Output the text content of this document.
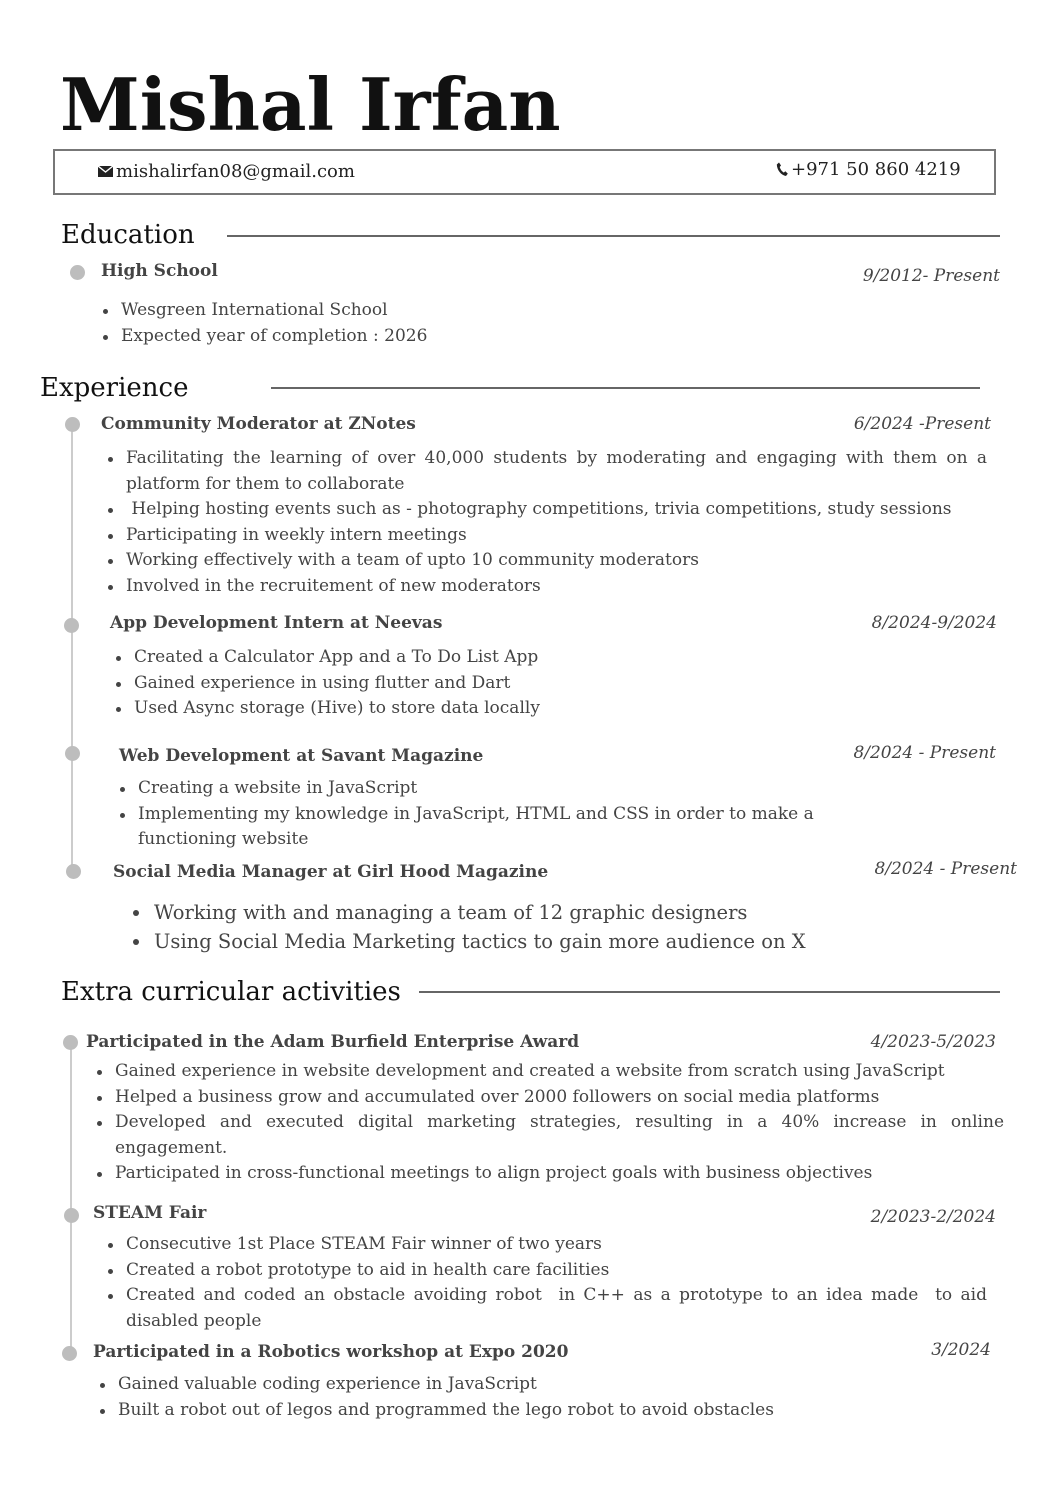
Mishal Irfan
mishalirfan08@gmail.com	+971 50 860 4219
Education
High School	9/2012- Present
Wesgreen International School
Expected year of completion : 2026
Experience
Community Moderator at ZNotes	6/2024 -Present
Facilitating the learning of over 40,000 students by moderating and engaging with them on a platform for them to collaborate
Helping hosting events such as - photography competitions, trivia competitions, study sessions
Participating in weekly intern meetings
Working effectively with a team of upto 10 community moderators
Involved in the recruitement of new moderators
App Development Intern at Neevas	8/2024-9/2024
Created a Calculator App and a To Do List App
Gained experience in using flutter and Dart
Used Async storage (Hive) to store data locally
Web Development at Savant Magazine	8/2024 - Present
Creating a website in JavaScript
Implementing my knowledge in JavaScript, HTML and CSS in order to make a functioning website
Social Media Manager at Girl Hood Magazine	8/2024 - Present
Working with and managing a team of 12 graphic designers
Using Social Media Marketing tactics to gain more audience on X
Extra curricular activities
Participated in the Adam Burfield Enterprise Award	4/2023-5/2023
Gained experience in website development and created a website from scratch using JavaScript
Helped a business grow and accumulated over 2000 followers on social media platforms
Developed and executed digital marketing strategies, resulting in a 40% increase in online engagement.
Participated in cross-functional meetings to align project goals with business objectives
STEAM Fair	2/2023-2/2024
Consecutive 1st Place STEAM Fair winner of two years
Created a robot prototype to aid in health care facilities
Created and coded an obstacle avoiding robot  in C++ as a prototype to an idea made  to aid disabled people
Participated in a Robotics workshop at Expo 2020	3/2024
Gained valuable coding experience in JavaScript
Built a robot out of legos and programmed the lego robot to avoid obstacles
